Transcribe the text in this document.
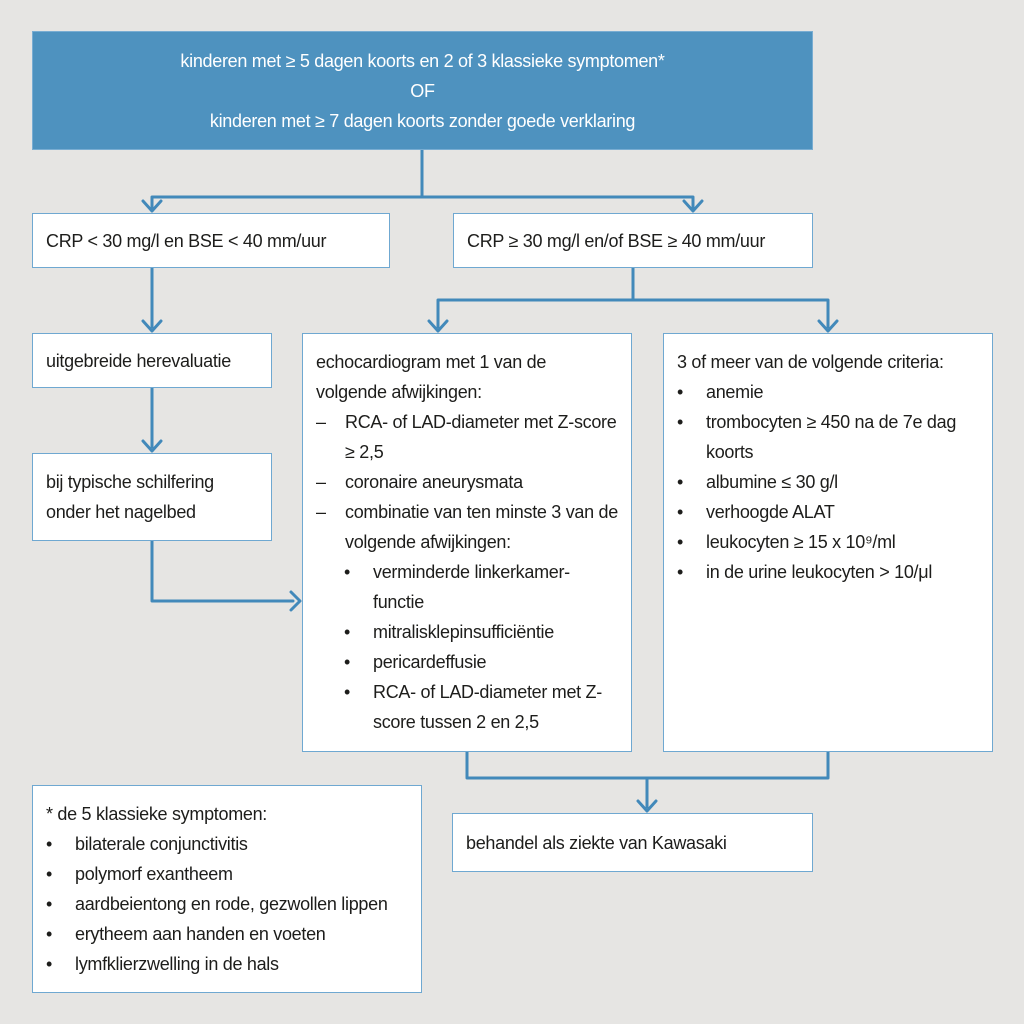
kinderen met ≥ 5 dagen koorts en 2 of 3 klassieke symptomen*
OF
kinderen met ≥ 7 dagen koorts zonder goede verklaring
CRP < 30 mg/l en BSE < 40 mm/uur	CRP ≥ 30 mg/l en/of BSE ≥ 40 mm/uur
uitgebreide herevaluatie
bij typische schilfering onder het nagelbed
echocardiogram met 1 van de volgende afwijkingen:
–	RCA- of LAD-diameter met Z-score ≥ 2,5
–	coronaire aneurysmata
–	combinatie van ten minste 3 van de volgende afwijkingen:
•	verminderde linkerkamer-functie
•	mitralisklepinsufficiëntie
•	pericardeffusie
•	RCA- of LAD-diameter met Z-score tussen 2 en 2,5
3 of meer van de volgende criteria:
•	anemie
•	trombocyten ≥ 450 na de 7e dag koorts
•	albumine ≤ 30 g/l
•	verhoogde ALAT
•	leukocyten ≥ 15 x 10⁹/ml
•	in de urine leukocyten > 10/μl
* de 5 klassieke symptomen:
•	bilaterale conjunctivitis
•	polymorf exantheem
•	aardbeientong en rode, gezwollen lippen
•	erytheem aan handen en voeten
•	lymfklierzwelling in de hals
behandel als ziekte van Kawasaki
